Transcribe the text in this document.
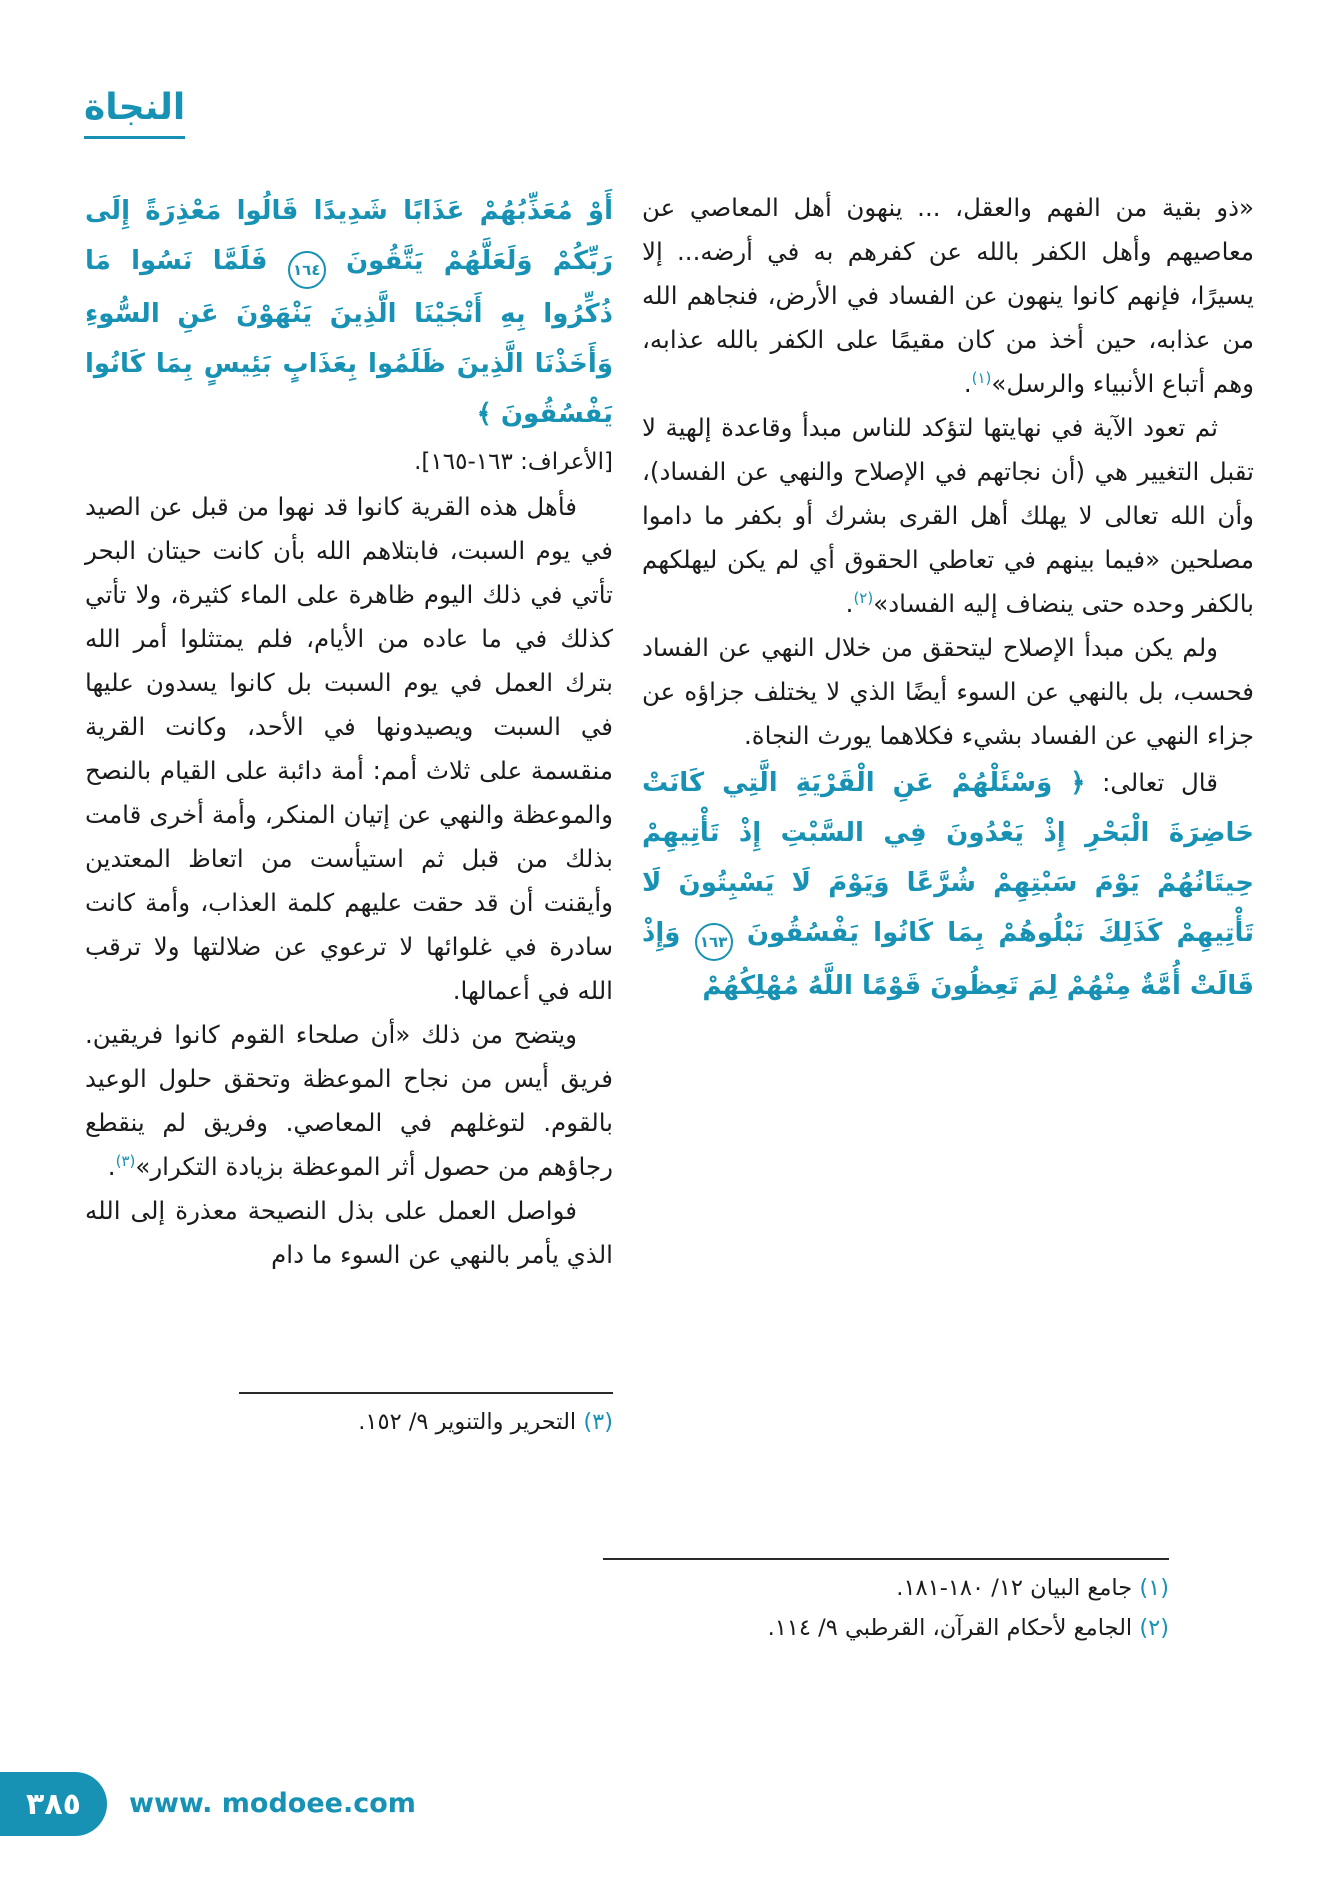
النجاة

«ذو بقية من الفهم والعقل، ... ينهون أهل المعاصي عن معاصيهم وأهل الكفر بالله عن كفرهم به في أرضه... إلا يسيرًا، فإنهم كانوا ينهون عن الفساد في الأرض، فنجاهم الله من عذابه، حين أخذ من كان مقيمًا على الكفر بالله عذابه، وهم أتباع الأنبياء والرسل»$^{(١)}$.

ثم تعود الآية في نهايتها لتؤكد للناس مبدأ وقاعدة إلهية لا تقبل التغيير هي (أن نجاتهم في الإصلاح والنهي عن الفساد)، وأن الله تعالى لا يهلك أهل القرى بشرك أو بكفر ما داموا مصلحين «فيما بينهم في تعاطي الحقوق أي لم يكن ليهلكهم بالكفر وحده حتى ينضاف إليه الفساد»$^{(٢)}$.

ولم يكن مبدأ الإصلاح ليتحقق من خلال النهي عن الفساد فحسب، بل بالنهي عن السوء أيضًا الذي لا يختلف جزاؤه عن جزاء النهي عن الفساد بشيء فكلاهما يورث النجاة.

قال تعالى: ﴿ وَسْئَلْهُمْ عَنِ الْقَرْيَةِ الَّتِي كَانَتْ حَاضِرَةَ الْبَحْرِ إِذْ يَعْدُونَ فِي السَّبْتِ إِذْ تَأْتِيهِمْ حِيتَانُهُمْ يَوْمَ سَبْتِهِمْ شُرَّعًا وَيَوْمَ لَا يَسْبِتُونَ لَا تَأْتِيهِمْ كَذَلِكَ نَبْلُوهُمْ بِمَا كَانُوا يَفْسُقُونَ ١٦٣ وَإِذْ قَالَتْ أُمَّةٌ مِنْهُمْ لِمَ تَعِظُونَ قَوْمًا اللَّهُ مُهْلِكُهُمْ

(١) جامع البيان ١٢/ ١٨٠-١٨١.

(٢) الجامع لأحكام القرآن، القرطبي ٩/ ١١٤.

أَوْ مُعَذِّبُهُمْ عَذَابًا شَدِيدًا قَالُوا مَعْذِرَةً إِلَى رَبِّكُمْ وَلَعَلَّهُمْ يَتَّقُونَ ١٦٤ فَلَمَّا نَسُوا مَا ذُكِّرُوا بِهِ أَنْجَيْنَا الَّذِينَ يَنْهَوْنَ عَنِ السُّوءِ وَأَخَذْنَا الَّذِينَ ظَلَمُوا بِعَذَابٍ بَئِيسٍ بِمَا كَانُوا يَفْسُقُونَ ﴾

[الأعراف: ١٦٣-١٦٥].

فأهل هذه القرية كانوا قد نهوا من قبل عن الصيد في يوم السبت، فابتلاهم الله بأن كانت حيتان البحر تأتي في ذلك اليوم ظاهرة على الماء كثيرة، ولا تأتي كذلك في ما عاده من الأيام، فلم يمتثلوا أمر الله بترك العمل في يوم السبت بل كانوا يسدون عليها في السبت ويصيدونها في الأحد، وكانت القرية منقسمة على ثلاث أمم: أمة دائبة على القيام بالنصح والموعظة والنهي عن إتيان المنكر، وأمة أخرى قامت بذلك من قبل ثم استيأست من اتعاظ المعتدين وأيقنت أن قد حقت عليهم كلمة العذاب، وأمة كانت سادرة في غلوائها لا ترعوي عن ضلالتها ولا ترقب الله في أعمالها.

ويتضح من ذلك «أن صلحاء القوم كانوا فريقين. فريق أيس من نجاح الموعظة وتحقق حلول الوعيد بالقوم. لتوغلهم في المعاصي. وفريق لم ينقطع رجاؤهم من حصول أثر الموعظة بزيادة التكرار»$^{(٣)}$.

فواصل العمل على بذل النصيحة معذرة إلى الله الذي يأمر بالنهي عن السوء ما دام

(٣) التحرير والتنوير ٩/ ١٥٢.

٣٨٥ www. modoee.com
